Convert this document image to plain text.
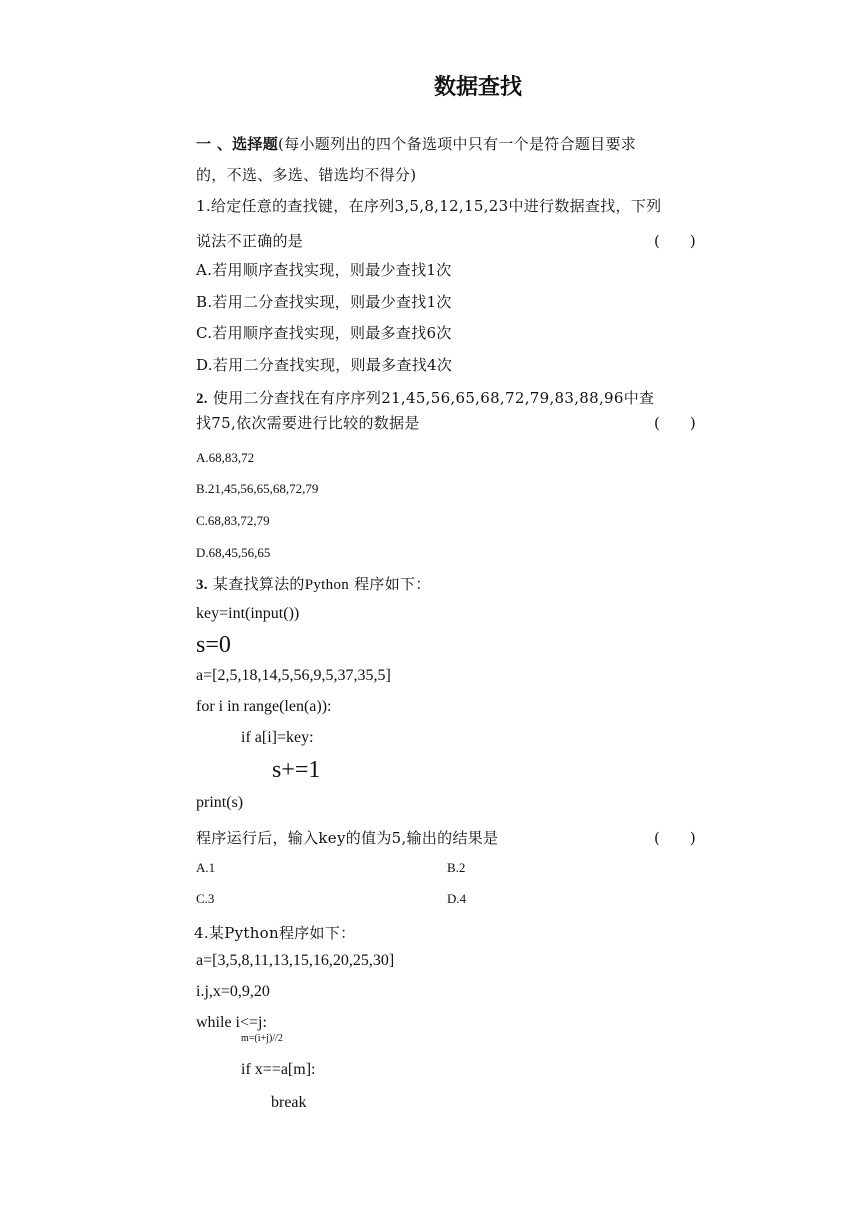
数据查找
一 、选择题(每小题列出的四个备选项中只有一个是符合题目要求
的，不选、多选、错选均不得分)
1.给定任意的查找键，在序列3,5,8,12,15,23中进行数据查找，下列
说法不正确的是	(　　)
A.若用顺序查找实现，则最少查找1次
B.若用二分查找实现，则最少查找1次
C.若用顺序查找实现，则最多查找6次
D.若用二分查找实现，则最多查找4次
2. 使用二分查找在有序序列21,45,56,65,68,72,79,83,88,96中查
找75,依次需要进行比较的数据是	(　　)
A.68,83,72
B.21,45,56,65,68,72,79
C.68,83,72,79
D.68,45,56,65
3. 某查找算法的Python 程序如下：
key=int(input())
s=0
a=[2,5,18,14,5,56,9,5,37,35,5]
for i in range(len(a)):
if a[i]=key:
s+=1
print(s)
程序运行后，输入key的值为5,输出的结果是	(　　)
A.1	B.2
C.3	D.4
4.某Python程序如下：
a=[3,5,8,11,13,15,16,20,25,30]
i.j,x=0,9,20
while i<=j:
m=(i+j)//2
if x==a[m]:
break
